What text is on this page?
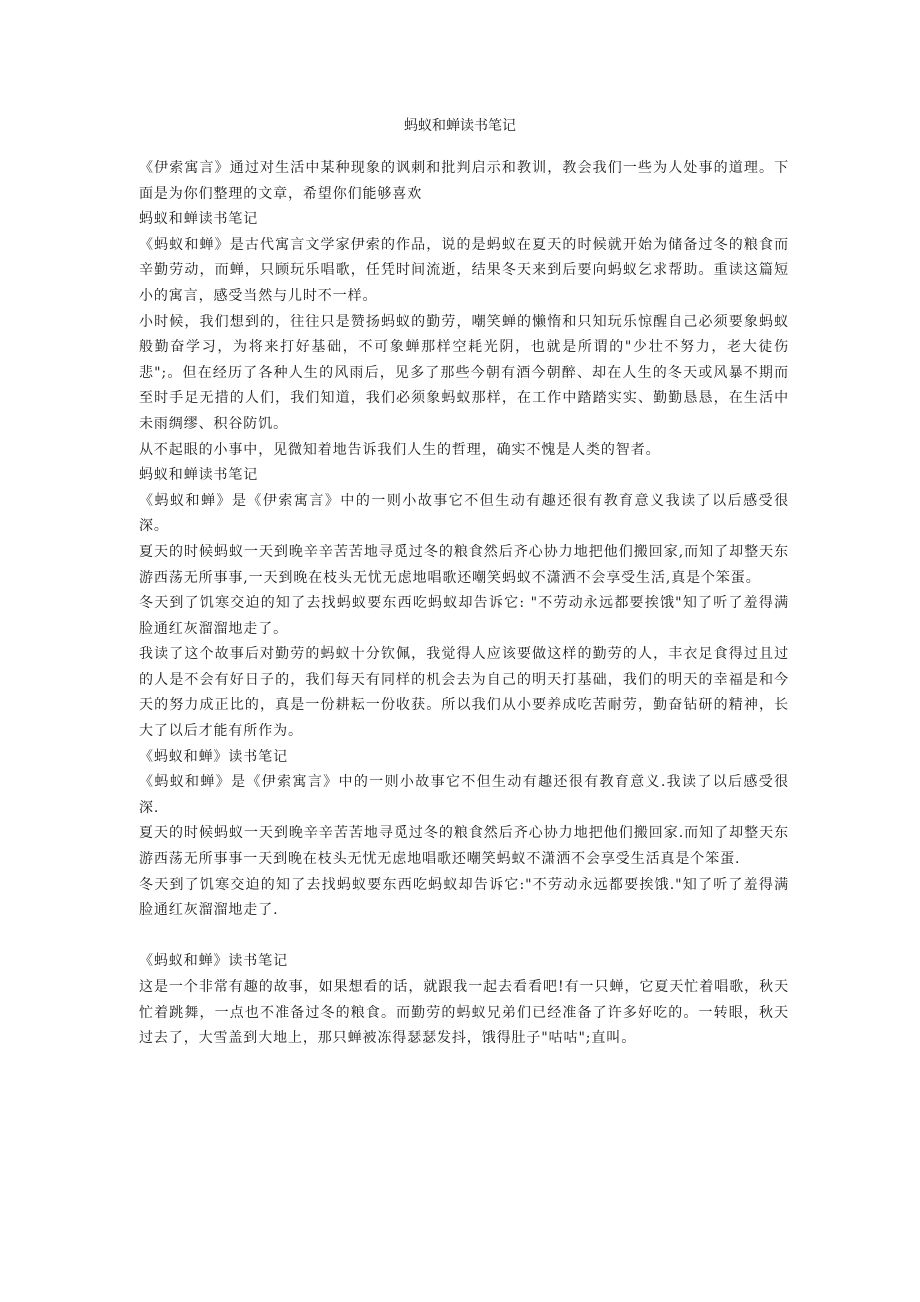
蚂蚁和蝉读书笔记

《伊索寓言》通过对生活中某种现象的讽刺和批判启示和教训，教会我们一些为人处事的道理。下面是为你们整理的文章，希望你们能够喜欢

蚂蚁和蝉读书笔记

《蚂蚁和蝉》是古代寓言文学家伊索的作品，说的是蚂蚁在夏天的时候就开始为储备过冬的粮食而辛勤劳动，而蝉，只顾玩乐唱歌，任凭时间流逝，结果冬天来到后要向蚂蚁乞求帮助。重读这篇短小的寓言，感受当然与儿时不一样。

小时候，我们想到的，往往只是赞扬蚂蚁的勤劳，嘲笑蝉的懒惰和只知玩乐惊醒自己必须要象蚂蚁般勤奋学习，为将来打好基础，不可象蝉那样空耗光阴，也就是所谓的"少壮不努力，老大徒伤悲";。但在经历了各种人生的风雨后，见多了那些今朝有酒今朝醉、却在人生的冬天或风暴不期而至时手足无措的人们，我们知道，我们必须象蚂蚁那样，在工作中踏踏实实、勤勤恳恳，在生活中未雨绸缪、积谷防饥。

从不起眼的小事中，见微知着地告诉我们人生的哲理，确实不愧是人类的智者。

蚂蚁和蝉读书笔记

《蚂蚁和蝉》是《伊索寓言》中的一则小故事它不但生动有趣还很有教育意义我读了以后感受很深。

夏天的时候蚂蚁一天到晚辛辛苦苦地寻觅过冬的粮食然后齐心协力地把他们搬回家,而知了却整天东游西荡无所事事,一天到晚在枝头无忧无虑地唱歌还嘲笑蚂蚁不潇洒不会享受生活,真是个笨蛋。

冬天到了饥寒交迫的知了去找蚂蚁要东西吃蚂蚁却告诉它: "不劳动永远都要挨饿"知了听了羞得满脸通红灰溜溜地走了。

我读了这个故事后对勤劳的蚂蚁十分钦佩，我觉得人应该要做这样的勤劳的人，丰衣足食得过且过的人是不会有好日子的，我们每天有同样的机会去为自己的明天打基础，我们的明天的幸福是和今天的努力成正比的，真是一份耕耘一份收获。所以我们从小要养成吃苦耐劳，勤奋钻研的精神，长大了以后才能有所作为。

《蚂蚁和蝉》读书笔记

《蚂蚁和蝉》是《伊索寓言》中的一则小故事它不但生动有趣还很有教育意义.我读了以后感受很深.

夏天的时候蚂蚁一天到晚辛辛苦苦地寻觅过冬的粮食然后齐心协力地把他们搬回家.而知了却整天东游西荡无所事事一天到晚在枝头无忧无虑地唱歌还嘲笑蚂蚁不潇洒不会享受生活真是个笨蛋.

冬天到了饥寒交迫的知了去找蚂蚁要东西吃蚂蚁却告诉它:"不劳动永远都要挨饿."知了听了羞得满脸通红灰溜溜地走了.

《蚂蚁和蝉》读书笔记

这是一个非常有趣的故事，如果想看的话，就跟我一起去看看吧!有一只蝉，它夏天忙着唱歌，秋天忙着跳舞，一点也不准备过冬的粮食。而勤劳的蚂蚁兄弟们已经准备了许多好吃的。一转眼，秋天过去了，大雪盖到大地上，那只蝉被冻得瑟瑟发抖，饿得肚子"咕咕";直叫。
